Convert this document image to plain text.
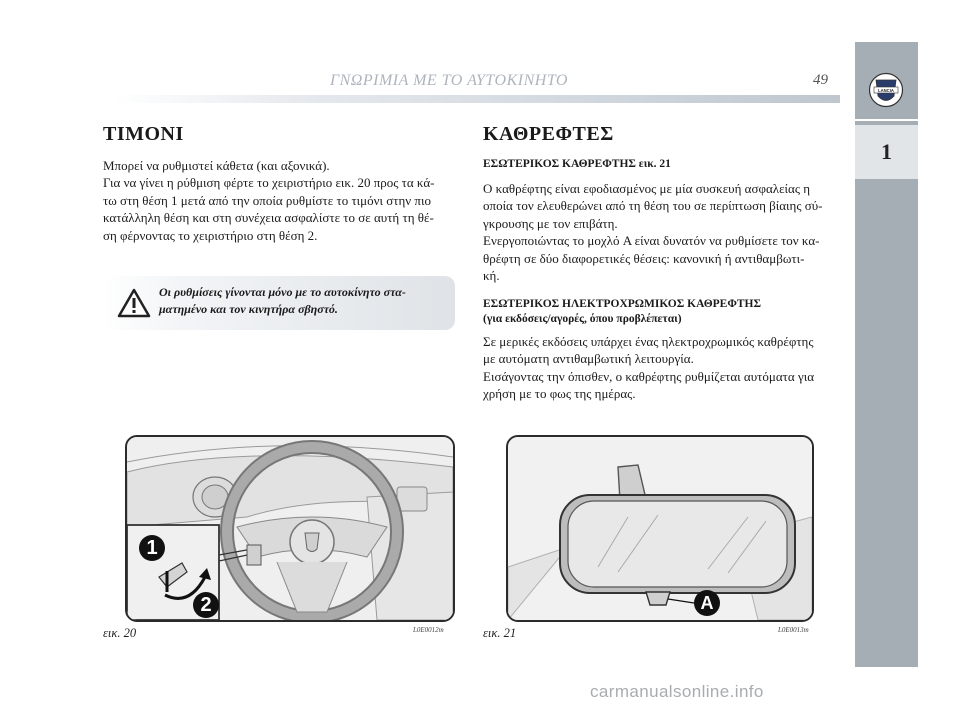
ΓΝΩΡΙΜΙΑ ΜΕ ΤΟ ΑΥΤΟΚΙΝΗΤΟ	49
LANCIA
1
ΤΙΜΟΝΙ

Μπορεί να ρυθμιστεί κάθετα (και αξονικά).
Για να γίνει η ρύθμιση φέρτε το χειριστήριο εικ. 20 προς τα κά-
τω στη θέση 1 μετά από την οποία ρυθμίστε το τιμόνι στην πιο
κατάλληλη θέση και στη συνέχεια ασφαλίστε το σε αυτή τη θέ-
ση φέρνοντας το χειριστήριο στη θέση 2.

Οι ρυθμίσεις γίνονται μόνο με το αυτοκίνητο στα-
ματημένο και τον κινητήρα σβηστό.
ΚΑΘΡΕΦΤΕΣ
ΕΣΩΤΕΡΙΚΟΣ ΚΑΘΡΕΦΤΗΣ εικ. 21

Ο καθρέφτης είναι εφοδιασμένος με μία συσκευή ασφαλείας η
οποία τον ελευθερώνει από τη θέση του σε περίπτωση βίαιης σύ-
γκρουσης με τον επιβάτη.
Ενεργοποιώντας το μοχλό A είναι δυνατόν να ρυθμίσετε τον κα-
θρέφτη σε δύο διαφορετικές θέσεις: κανονική ή αντιθαμβωτι-
κή.

ΕΣΩΤΕΡΙΚΟΣ ΗΛΕΚΤΡΟΧΡΩΜΙΚΟΣ ΚΑΘΡΕΦΤΗΣ
(για εκδόσεις/αγορές, όπου προβλέπεται)

Σε μερικές εκδόσεις υπάρχει ένας ηλεκτροχρωμικός καθρέφτης
με αυτόματη αντιθαμβωτική λειτουργία.
Εισάγοντας την όπισθεν, ο καθρέφτης ρυθμίζεται αυτόματα για
χρήση με το φως της ημέρας.

1
2
εικ. 20	L0E0012m
A
εικ. 21	L0E0013m
carmanualsonline.info
